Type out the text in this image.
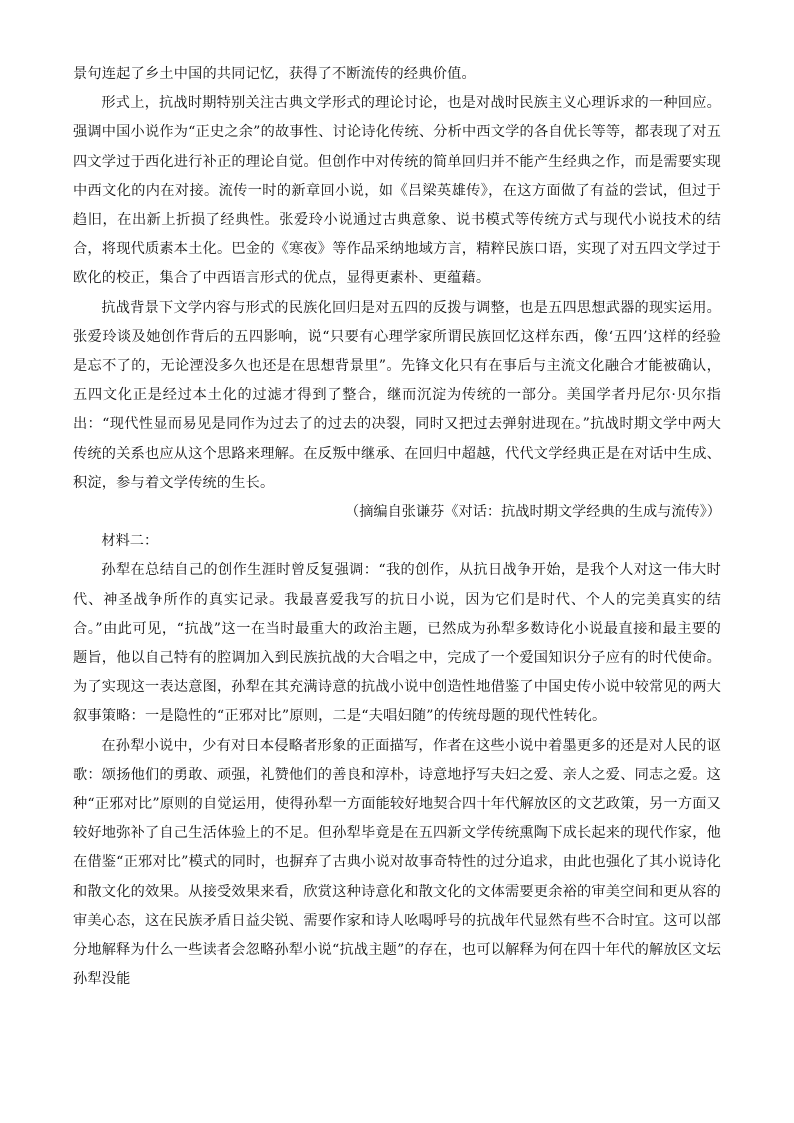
景句连起了乡土中国的共同记忆，获得了不断流传的经典价值。

形式上，抗战时期特别关注古典文学形式的理论讨论，也是对战时民族主义心理诉求的一种回应。强调中国小说作为“正史之余”的故事性、讨论诗化传统、分析中西文学的各自优长等等，都表现了对五四文学过于西化进行补正的理论自觉。但创作中对传统的简单回归并不能产生经典之作，而是需要实现中西文化的内在对接。流传一时的新章回小说，如《吕梁英雄传》，在这方面做了有益的尝试，但过于趋旧，在出新上折损了经典性。张爱玲小说通过古典意象、说书模式等传统方式与现代小说技术的结合，将现代质素本土化。巴金的《寒夜》等作品采纳地域方言，精粹民族口语，实现了对五四文学过于欧化的校正，集合了中西语言形式的优点，显得更素朴、更蕴藉。

抗战背景下文学内容与形式的民族化回归是对五四的反拨与调整，也是五四思想武器的现实运用。张爱玲谈及她创作背后的五四影响，说“只要有心理学家所谓民族回忆这样东西，像‘五四’这样的经验是忘不了的，无论湮没多久也还是在思想背景里”。先锋文化只有在事后与主流文化融合才能被确认，五四文化正是经过本土化的过滤才得到了整合，继而沉淀为传统的一部分。美国学者丹尼尔·贝尔指出：“现代性显而易见是同作为过去了的过去的决裂，同时又把过去弹射进现在。”抗战时期文学中两大传统的关系也应从这个思路来理解。在反叛中继承、在回归中超越，代代文学经典正是在对话中生成、积淀，参与着文学传统的生长。

（摘编自张谦芬《对话：抗战时期文学经典的生成与流传》）

材料二：

孙犁在总结自己的创作生涯时曾反复强调：“我的创作，从抗日战争开始，是我个人对这一伟大时代、神圣战争所作的真实记录。我最喜爱我写的抗日小说，因为它们是时代、个人的完美真实的结合。”由此可见，“抗战”这一在当时最重大的政治主题，已然成为孙犁多数诗化小说最直接和最主要的题旨，他以自己特有的腔调加入到民族抗战的大合唱之中，完成了一个爱国知识分子应有的时代使命。为了实现这一表达意图，孙犁在其充满诗意的抗战小说中创造性地借鉴了中国史传小说中较常见的两大叙事策略：一是隐性的“正邪对比”原则，二是“夫唱妇随”的传统母题的现代性转化。

在孙犁小说中，少有对日本侵略者形象的正面描写，作者在这些小说中着墨更多的还是对人民的讴歌：颂扬他们的勇敢、顽强，礼赞他们的善良和淳朴，诗意地抒写夫妇之爱、亲人之爱、同志之爱。这种“正邪对比”原则的自觉运用，使得孙犁一方面能较好地契合四十年代解放区的文艺政策，另一方面又较好地弥补了自己生活体验上的不足。但孙犁毕竟是在五四新文学传统熏陶下成长起来的现代作家，他在借鉴“正邪对比”模式的同时，也摒弃了古典小说对故事奇特性的过分追求，由此也强化了其小说诗化和散文化的效果。从接受效果来看，欣赏这种诗意化和散文化的文体需要更余裕的审美空间和更从容的审美心态，这在民族矛盾日益尖锐、需要作家和诗人吆喝呼号的抗战年代显然有些不合时宜。这可以部分地解释为什么一些读者会忽略孙犁小说“抗战主题”的存在，也可以解释为何在四十年代的解放区文坛孙犁没能
